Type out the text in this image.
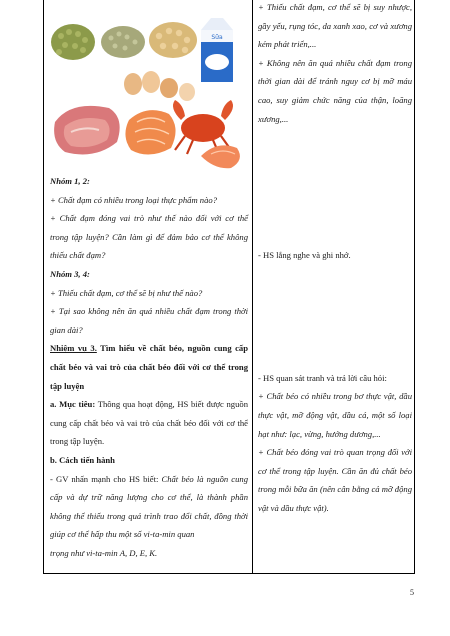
Sữa

Nhóm 1, 2:

+ Chất đạm có nhiều trong loại thực phẩm nào?

+ Chất đạm đóng vai trò như thế nào đối với cơ thể trong tập luyện? Cần làm gì để đảm bảo cơ thể không thiếu chất đạm?

Nhóm 3, 4:

+ Thiếu chất đạm, cơ thể sẽ bị như thế nào?

+ Tại sao không nên ăn quá nhiều chất đạm trong thời gian dài?

Nhiệm vụ 3. Tìm hiểu về chất béo, nguồn cung cấp chất béo và vai trò của chất béo đối với cơ thể trong tập luyện

a. Mục tiêu: Thông qua hoạt động, HS biết được nguồn cung cấp chất béo và vai trò của chất béo đối với cơ thể trong tập luyện.

b. Cách tiến hành

- GV nhấn mạnh cho HS biết: Chất béo là nguồn cung cấp và dự trữ năng lượng cho cơ thể, là thành phần không thể thiếu trong quá trình trao đổi chất, đồng thời giúp cơ thể hấp thu một số vi-ta-min quan

trọng như vi-ta-min A, D, E, K.

+ Thiếu chất đạm, cơ thể sẽ bị suy nhược, gầy yếu, rụng tóc, da xanh xao, cơ và xương kém phát triển,...

+ Không nên ăn quá nhiều chất đạm trong thời gian dài để tránh nguy cơ bị mỡ máu cao, suy giảm chức năng của thận, loãng xương,...

- HS lắng nghe và ghi nhớ.

- HS quan sát tranh và trả lời câu hỏi:

+ Chất béo có nhiều trong bơ thực vật, dầu thực vật, mỡ động vật, dầu cá, một số loại hạt như: lạc, vừng, hướng dương,...

+ Chất béo đóng vai trò quan trọng đối với cơ thể trong tập luyện. Cần ăn đủ chất béo trong mỗi bữa ăn (nên cân bằng cả mỡ động vật và dầu thực vật).

5
